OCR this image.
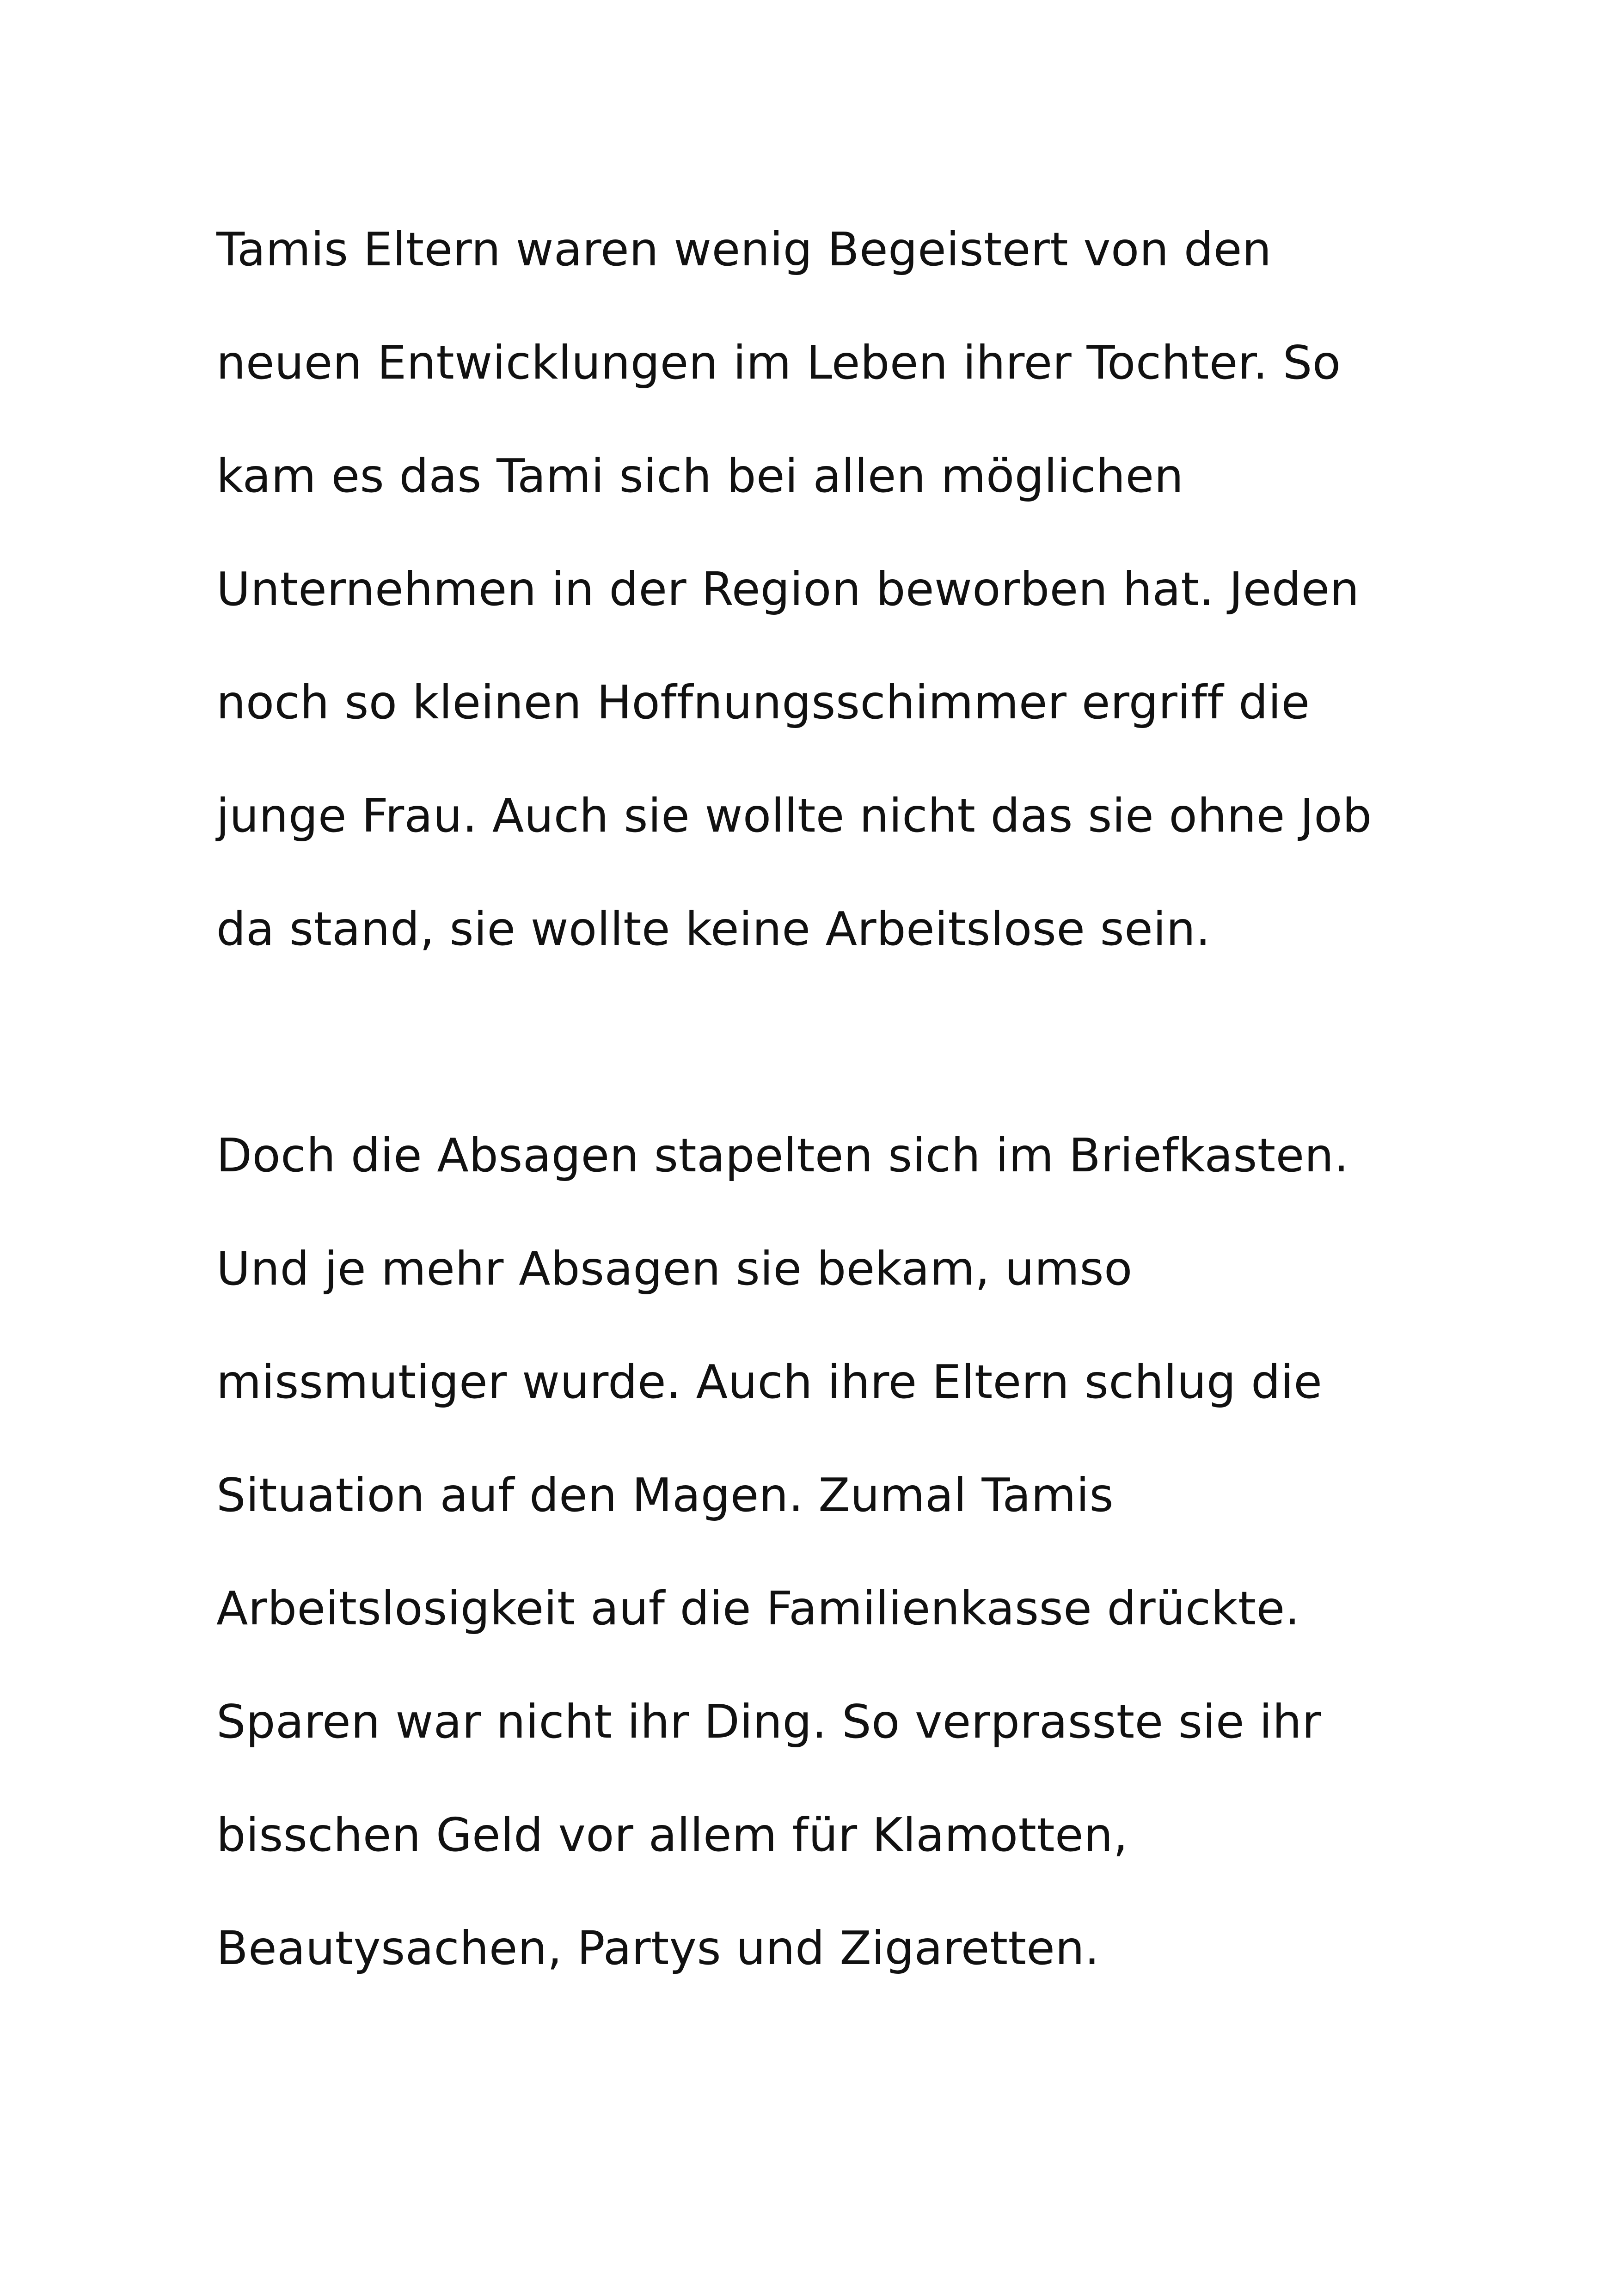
Tamis Eltern waren wenig Begeistert von den

neuen Entwicklungen im Leben ihrer Tochter. So

kam es das Tami sich bei allen möglichen

Unternehmen in der Region beworben hat. Jeden

noch so kleinen Hoffnungsschimmer ergriff die

junge Frau. Auch sie wollte nicht das sie ohne Job

da stand, sie wollte keine Arbeitslose sein.

Doch die Absagen stapelten sich im Briefkasten.

Und je mehr Absagen sie bekam, umso

missmutiger wurde. Auch ihre Eltern schlug die

Situation auf den Magen. Zumal Tamis

Arbeitslosigkeit auf die Familienkasse drückte.

Sparen war nicht ihr Ding. So verprasste sie ihr

bisschen Geld vor allem für Klamotten,

Beautysachen, Partys und Zigaretten.
